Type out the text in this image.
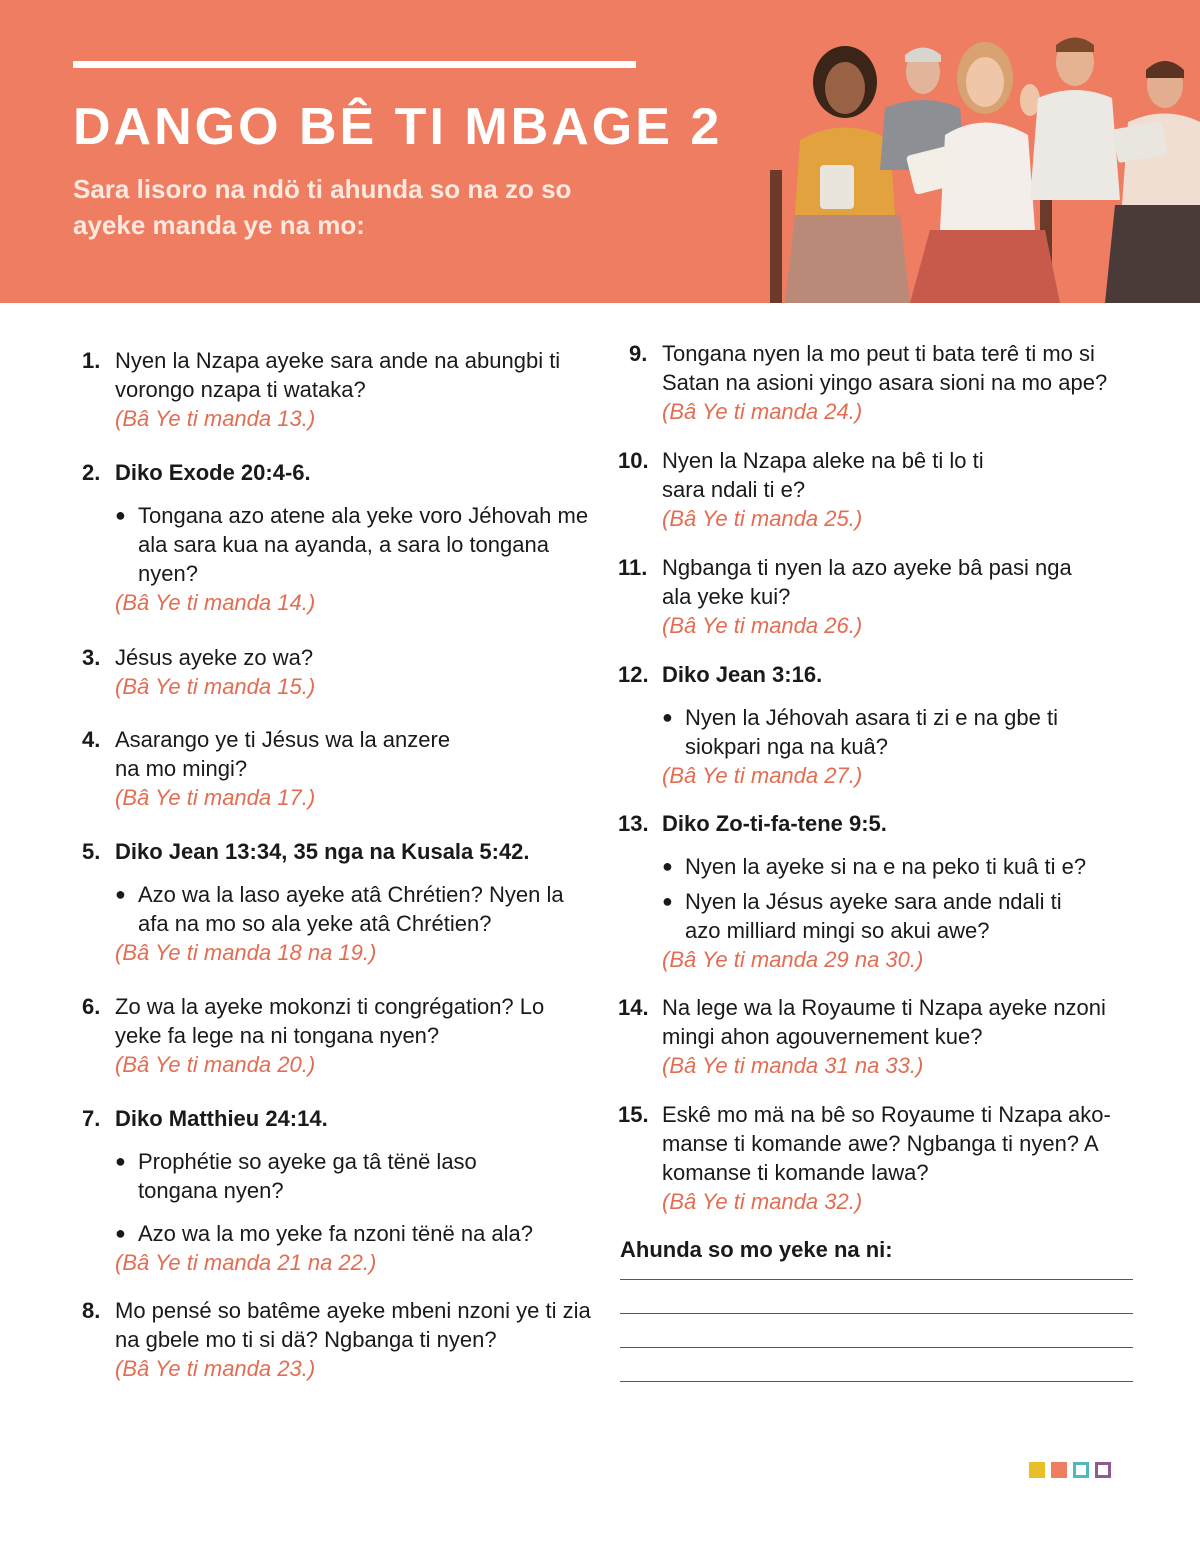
DANGO BÊ TI MBAGE 2

Sara lisoro na ndö ti ahunda so na zo so ayeke manda ye na mo:

1. Nyen la Nzapa ayeke sara ande na abungbi ti vorongo nzapa ti wataka?
(Bâ Ye ti manda 13.)
2. Diko Exode 20:4-6.
● Tongana azo atene ala yeke voro Jéhovah me ala sara kua na ayanda, a sara lo tongana nyen?
(Bâ Ye ti manda 14.)
3. Jésus ayeke zo wa?
(Bâ Ye ti manda 15.)
4. Asarango ye ti Jésus wa la anzere na mo mingi?
(Bâ Ye ti manda 17.)
5. Diko Jean 13:34, 35 nga na Kusala 5:42.
● Azo wa la laso ayeke atâ Chrétien? Nyen la afa na mo so ala yeke atâ Chrétien?
(Bâ Ye ti manda 18 na 19.)
6. Zo wa la ayeke mokonzi ti congrégation? Lo yeke fa lege na ni tongana nyen?
(Bâ Ye ti manda 20.)
7. Diko Matthieu 24:14.
● Prophétie so ayeke ga tâ tënë laso tongana nyen?
● Azo wa la mo yeke fa nzoni tënë na ala?
(Bâ Ye ti manda 21 na 22.)
8. Mo pensé so batême ayeke mbeni nzoni ye ti zia na gbele mo ti si dä? Ngbanga ti nyen?
(Bâ Ye ti manda 23.)
9. Tongana nyen la mo peut ti bata terê ti mo si Satan na asioni yingo asara sioni na mo ape?
(Bâ Ye ti manda 24.)
10. Nyen la Nzapa aleke na bê ti lo ti sara ndali ti e?
(Bâ Ye ti manda 25.)
11. Ngbanga ti nyen la azo ayeke bâ pasi nga ala yeke kui?
(Bâ Ye ti manda 26.)
12. Diko Jean 3:16.
● Nyen la Jéhovah asara ti zi e na gbe ti siokpari nga na kuâ?
(Bâ Ye ti manda 27.)
13. Diko Zo-ti-fa-tene 9:5.
● Nyen la ayeke si na e na peko ti kuâ ti e?
● Nyen la Jésus ayeke sara ande ndali ti azo milliard mingi so akui awe?
(Bâ Ye ti manda 29 na 30.)
14. Na lege wa la Royaume ti Nzapa ayeke nzoni mingi ahon agouvernement kue?
(Bâ Ye ti manda 31 na 33.)
15. Eskê mo mä na bê so Royaume ti Nzapa ako-manse ti komande awe? Ngbanga ti nyen? A komanse ti komande lawa?
(Bâ Ye ti manda 32.)
Ahunda so mo yeke na ni:
